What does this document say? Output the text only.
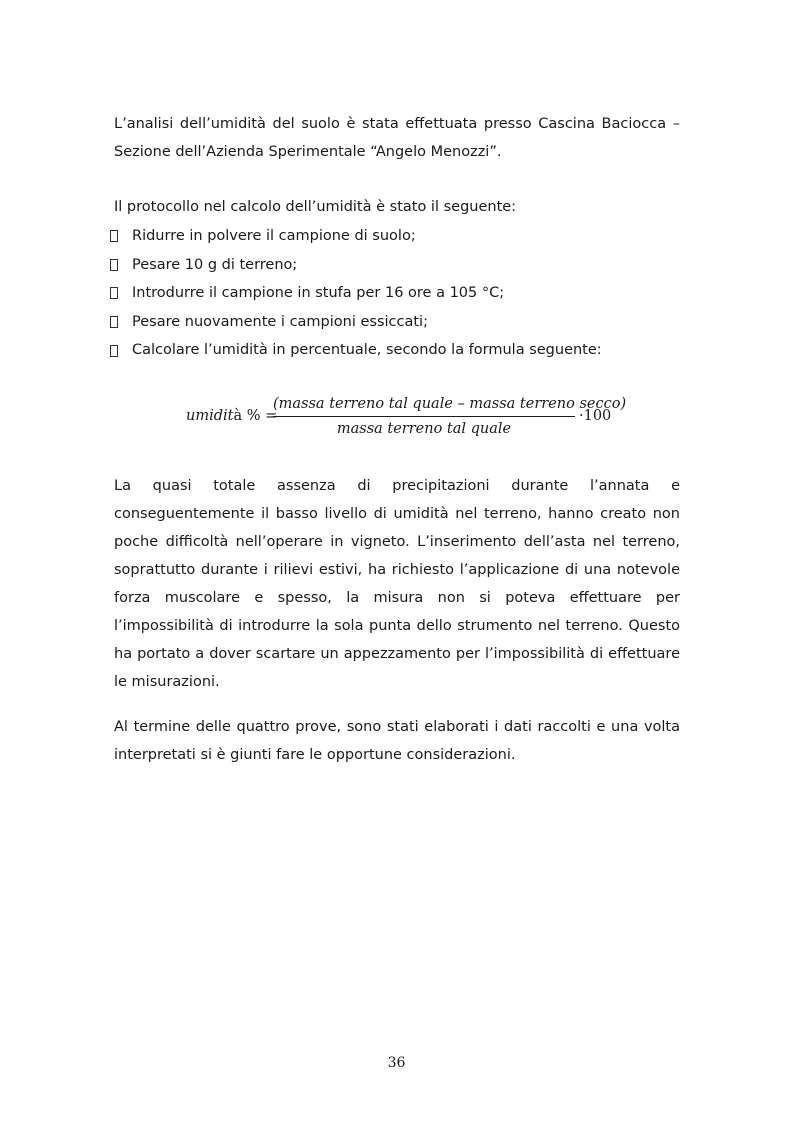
L’analisi dell’umidità del suolo è stata effettuata presso Cascina Baciocca – Sezione dell’Azienda Sperimentale “Angelo Menozzi”.

Il protocollo nel calcolo dell’umidità è stato il seguente:

Ridurre in polvere il campione di suolo;
Pesare 10 g di terreno;
Introdurre il campione in stufa per 16 ore a 105 °C;
Pesare nuovamente i campioni essiccati;
Calcolare l’umidità in percentuale, secondo la formula seguente:
umidità % =
(massa terreno tal quale – massa terreno secco)
massa terreno tal quale
·100

La quasi totale assenza di precipitazioni durante l’annata e conseguentemente il basso livello di umidità nel terreno, hanno creato non poche difficoltà nell’operare in vigneto. L’inserimento dell’asta nel terreno, soprattutto durante i rilievi estivi, ha richiesto l’applicazione di una notevole forza muscolare e spesso, la misura non si poteva effettuare per l’impossibilità di introdurre la sola punta dello strumento nel terreno. Questo ha portato a dover scartare un appezzamento per l’impossibilità di effettuare le misurazioni.

Al termine delle quattro prove, sono stati elaborati i dati raccolti e una volta interpretati si è giunti fare le opportune considerazioni.

36
